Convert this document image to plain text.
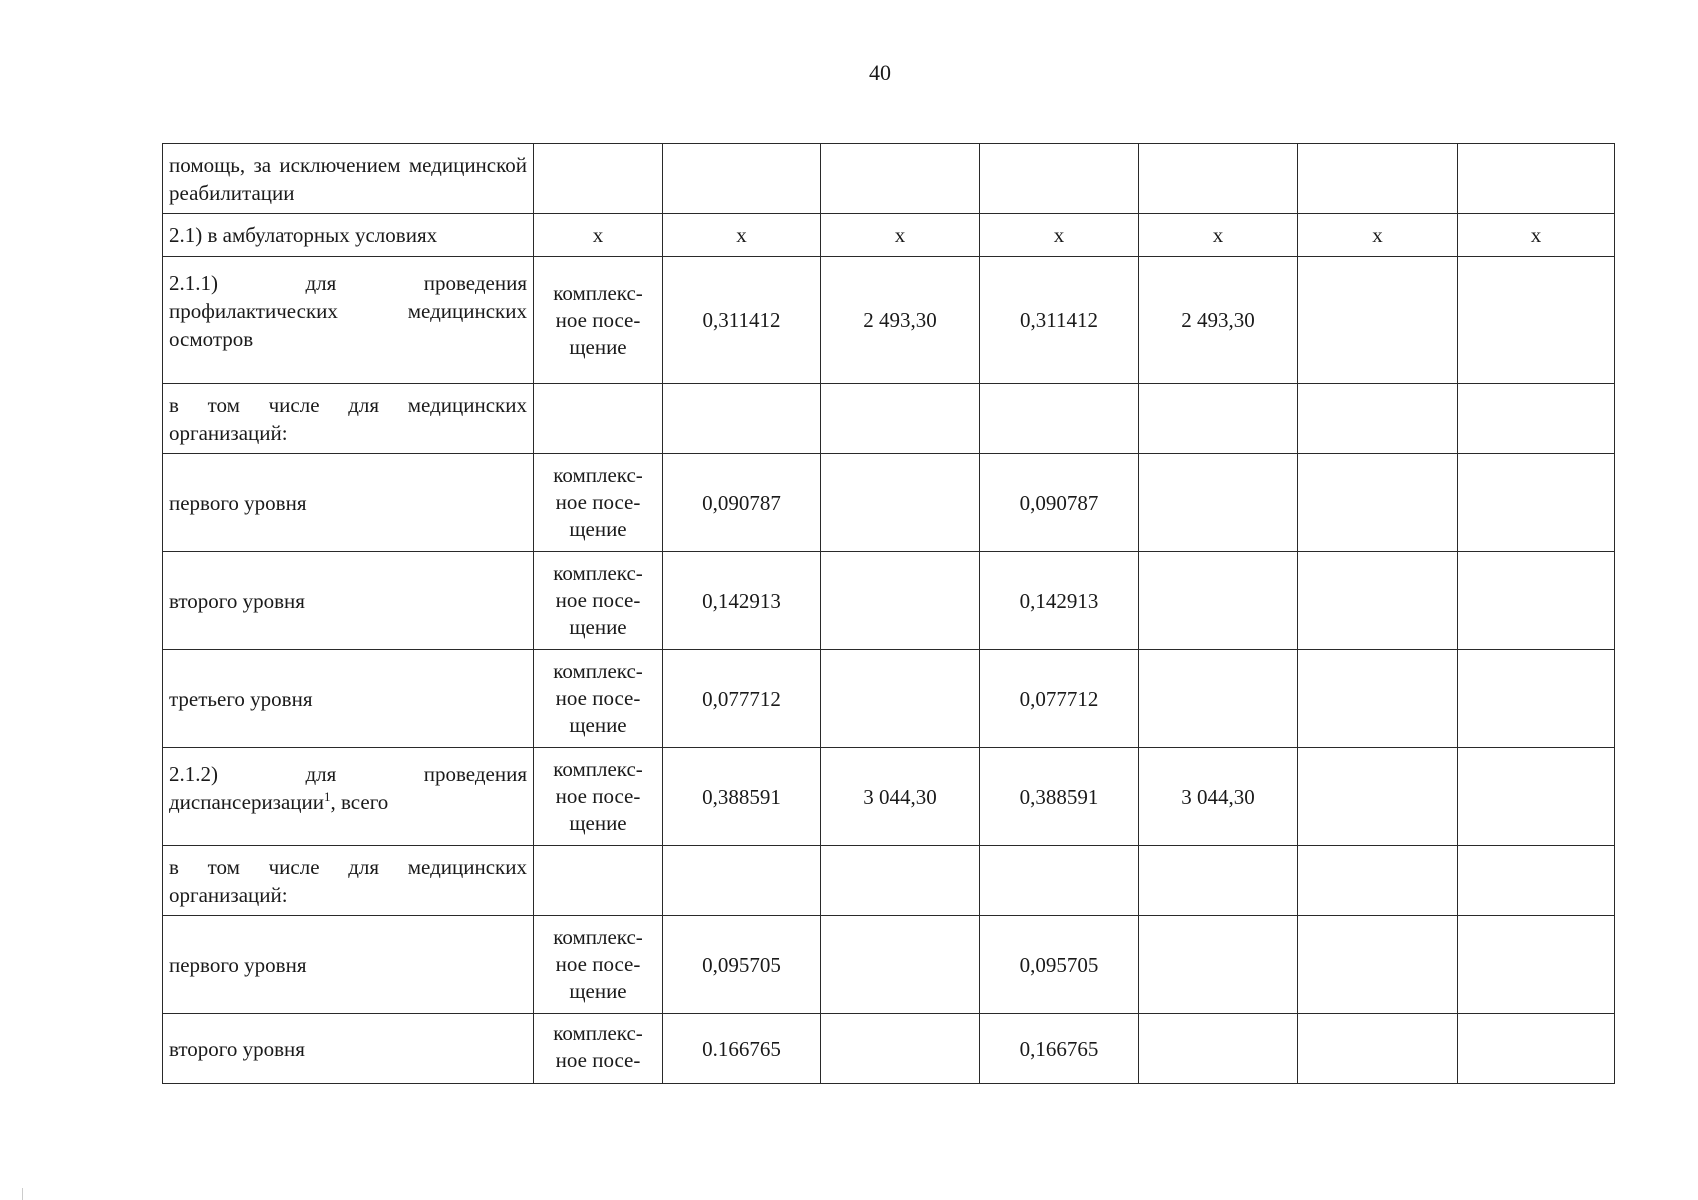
40
помощь, за исключением медицинской реабилитации							
2.1) в амбулаторных условиях	х	х	х	х	х	х	х
2.1.1) для проведения профилактических медицинских осмотров	комплекс-ное посе-щение	0,311412	2 493,30	0,311412	2 493,30		
в том числе для медицинских организаций:							
первого уровня	комплекс-ное посе-щение	0,090787		0,090787			
второго уровня	комплекс-ное посе-щение	0,142913		0,142913			
третьего уровня	комплекс-ное посе-щение	0,077712		0,077712			
2.1.2) для проведения диспансеризации$^1$, всего	комплекс-ное посе-щение	0,388591	3 044,30	0,388591	3 044,30		
в том числе для медицинских организаций:							
первого уровня	комплекс-ное посе-щение	0,095705		0,095705			
второго уровня	комплекс-ное посе-	0.166765		0,166765			
